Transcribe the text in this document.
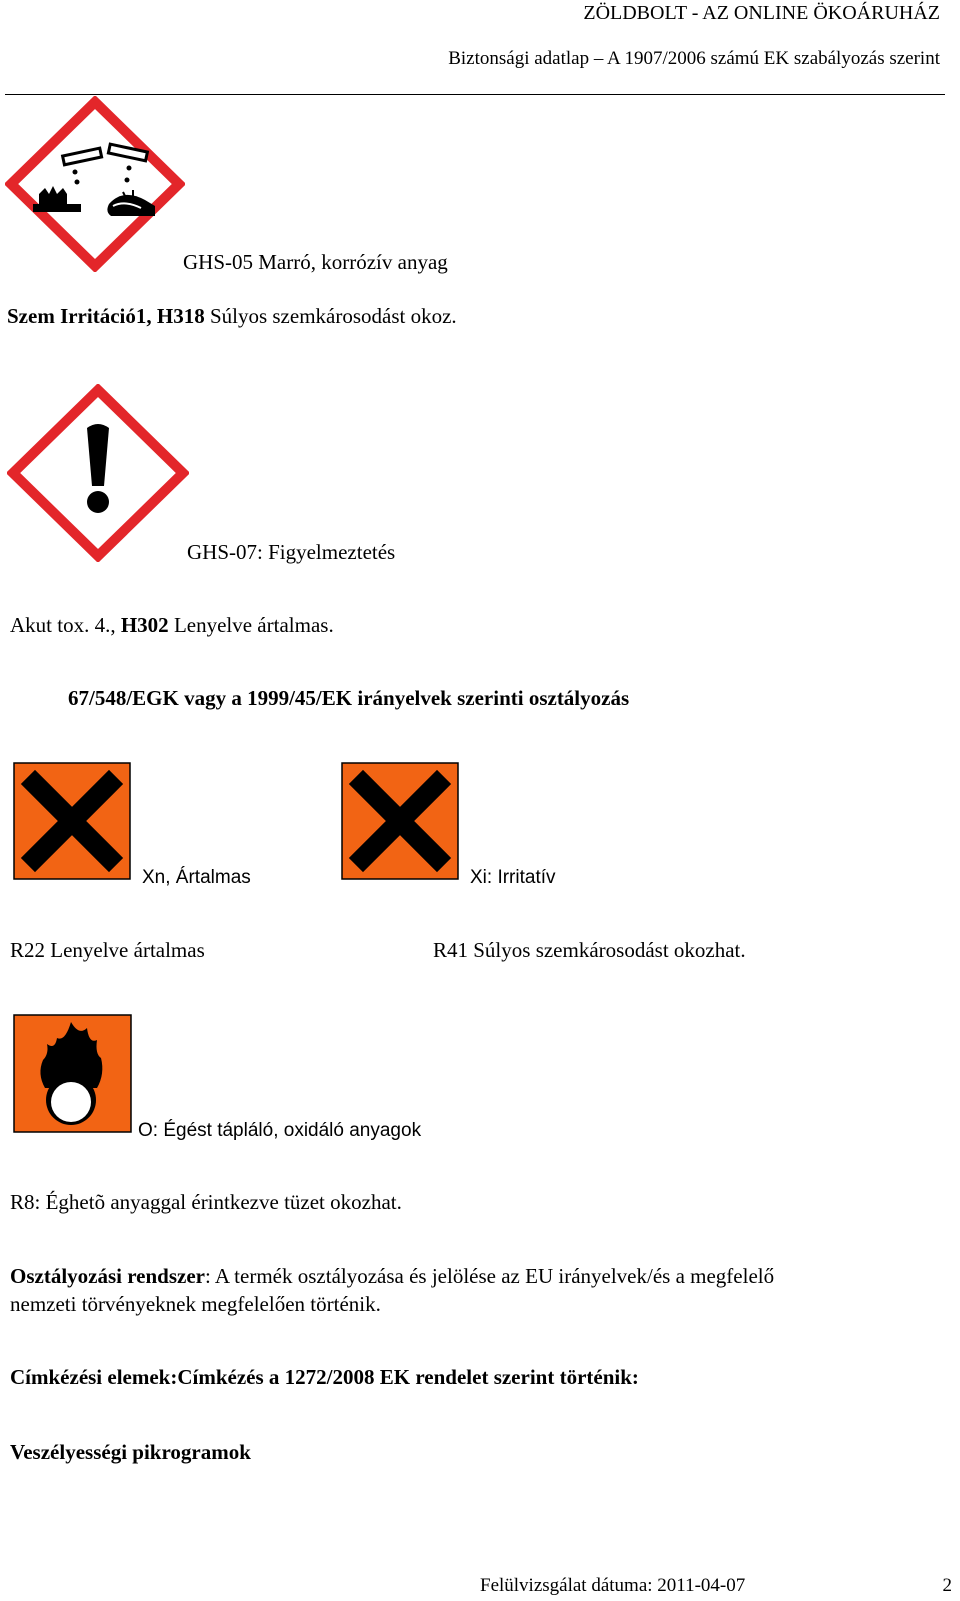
ZÖLDBOLT - AZ ONLINE ÖKOÁRUHÁZ
Biztonsági adatlap – A 1907/2006 számú EK szabályozás szerint
GHS-05 Marró, korrózív anyag
Szem Irritáció1, H318 Súlyos szemkárosodást okoz.
GHS-07: Figyelmeztetés
Akut tox. 4., H302 Lenyelve ártalmas.
67/548/EGK vagy a 1999/45/EK irányelvek szerinti osztályozás
Xn, Ártalmas
R22 Lenyelve ártalmas
Xi: Irritatív
R41 Súlyos szemkárosodást okozhat.
O: Égést tápláló, oxidáló anyagok
R8: Éghetõ anyaggal érintkezve tüzet okozhat.
Osztályozási rendszer: A termék osztályozása és jelölése az EU irányelvek/és a megfelelő
nemzeti törvényeknek megfelelően történik.
Címkézési elemek:Címkézés a 1272/2008 EK rendelet szerint történik:
Veszélyességi pikrogramok
Felülvizsgálat dátuma: 2011-04-07	2
